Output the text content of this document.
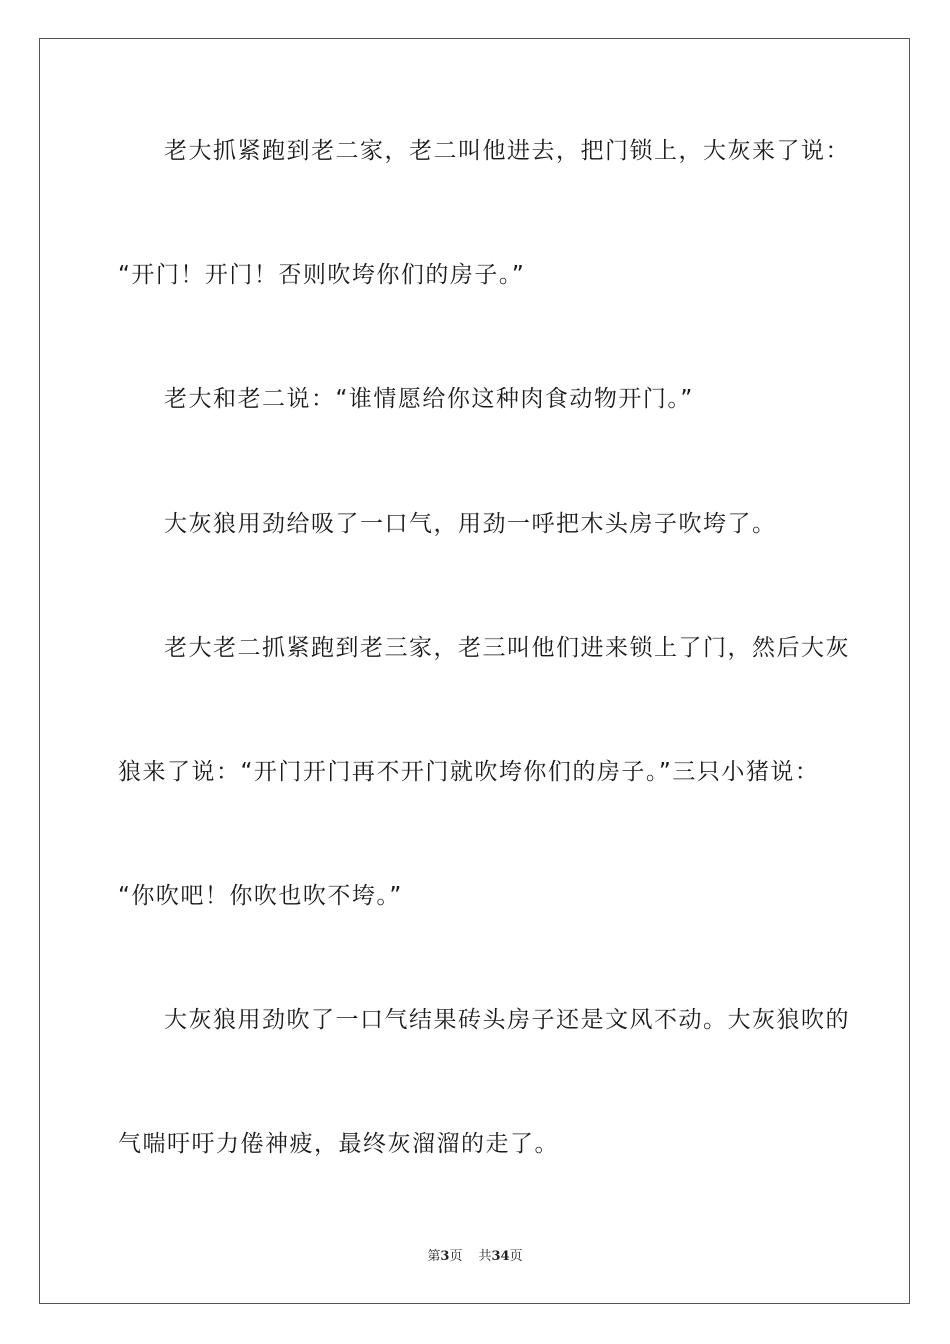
老大抓紧跑到老二家，老二叫他进去，把门锁上，大灰来了说：
“开门！开门！否则吹垮你们的房子。”
老大和老二说：“谁情愿给你这种肉食动物开门。”
大灰狼用劲给吸了一口气，用劲一呼把木头房子吹垮了。
老大老二抓紧跑到老三家，老三叫他们进来锁上了门，然后大灰
狼来了说：“开门开门再不开门就吹垮你们的房子。”三只小猪说：
“你吹吧！你吹也吹不垮。”
大灰狼用劲吹了一口气结果砖头房子还是文风不动。大灰狼吹的
气喘吁吁力倦神疲，最终灰溜溜的走了。
第3页 共34页
